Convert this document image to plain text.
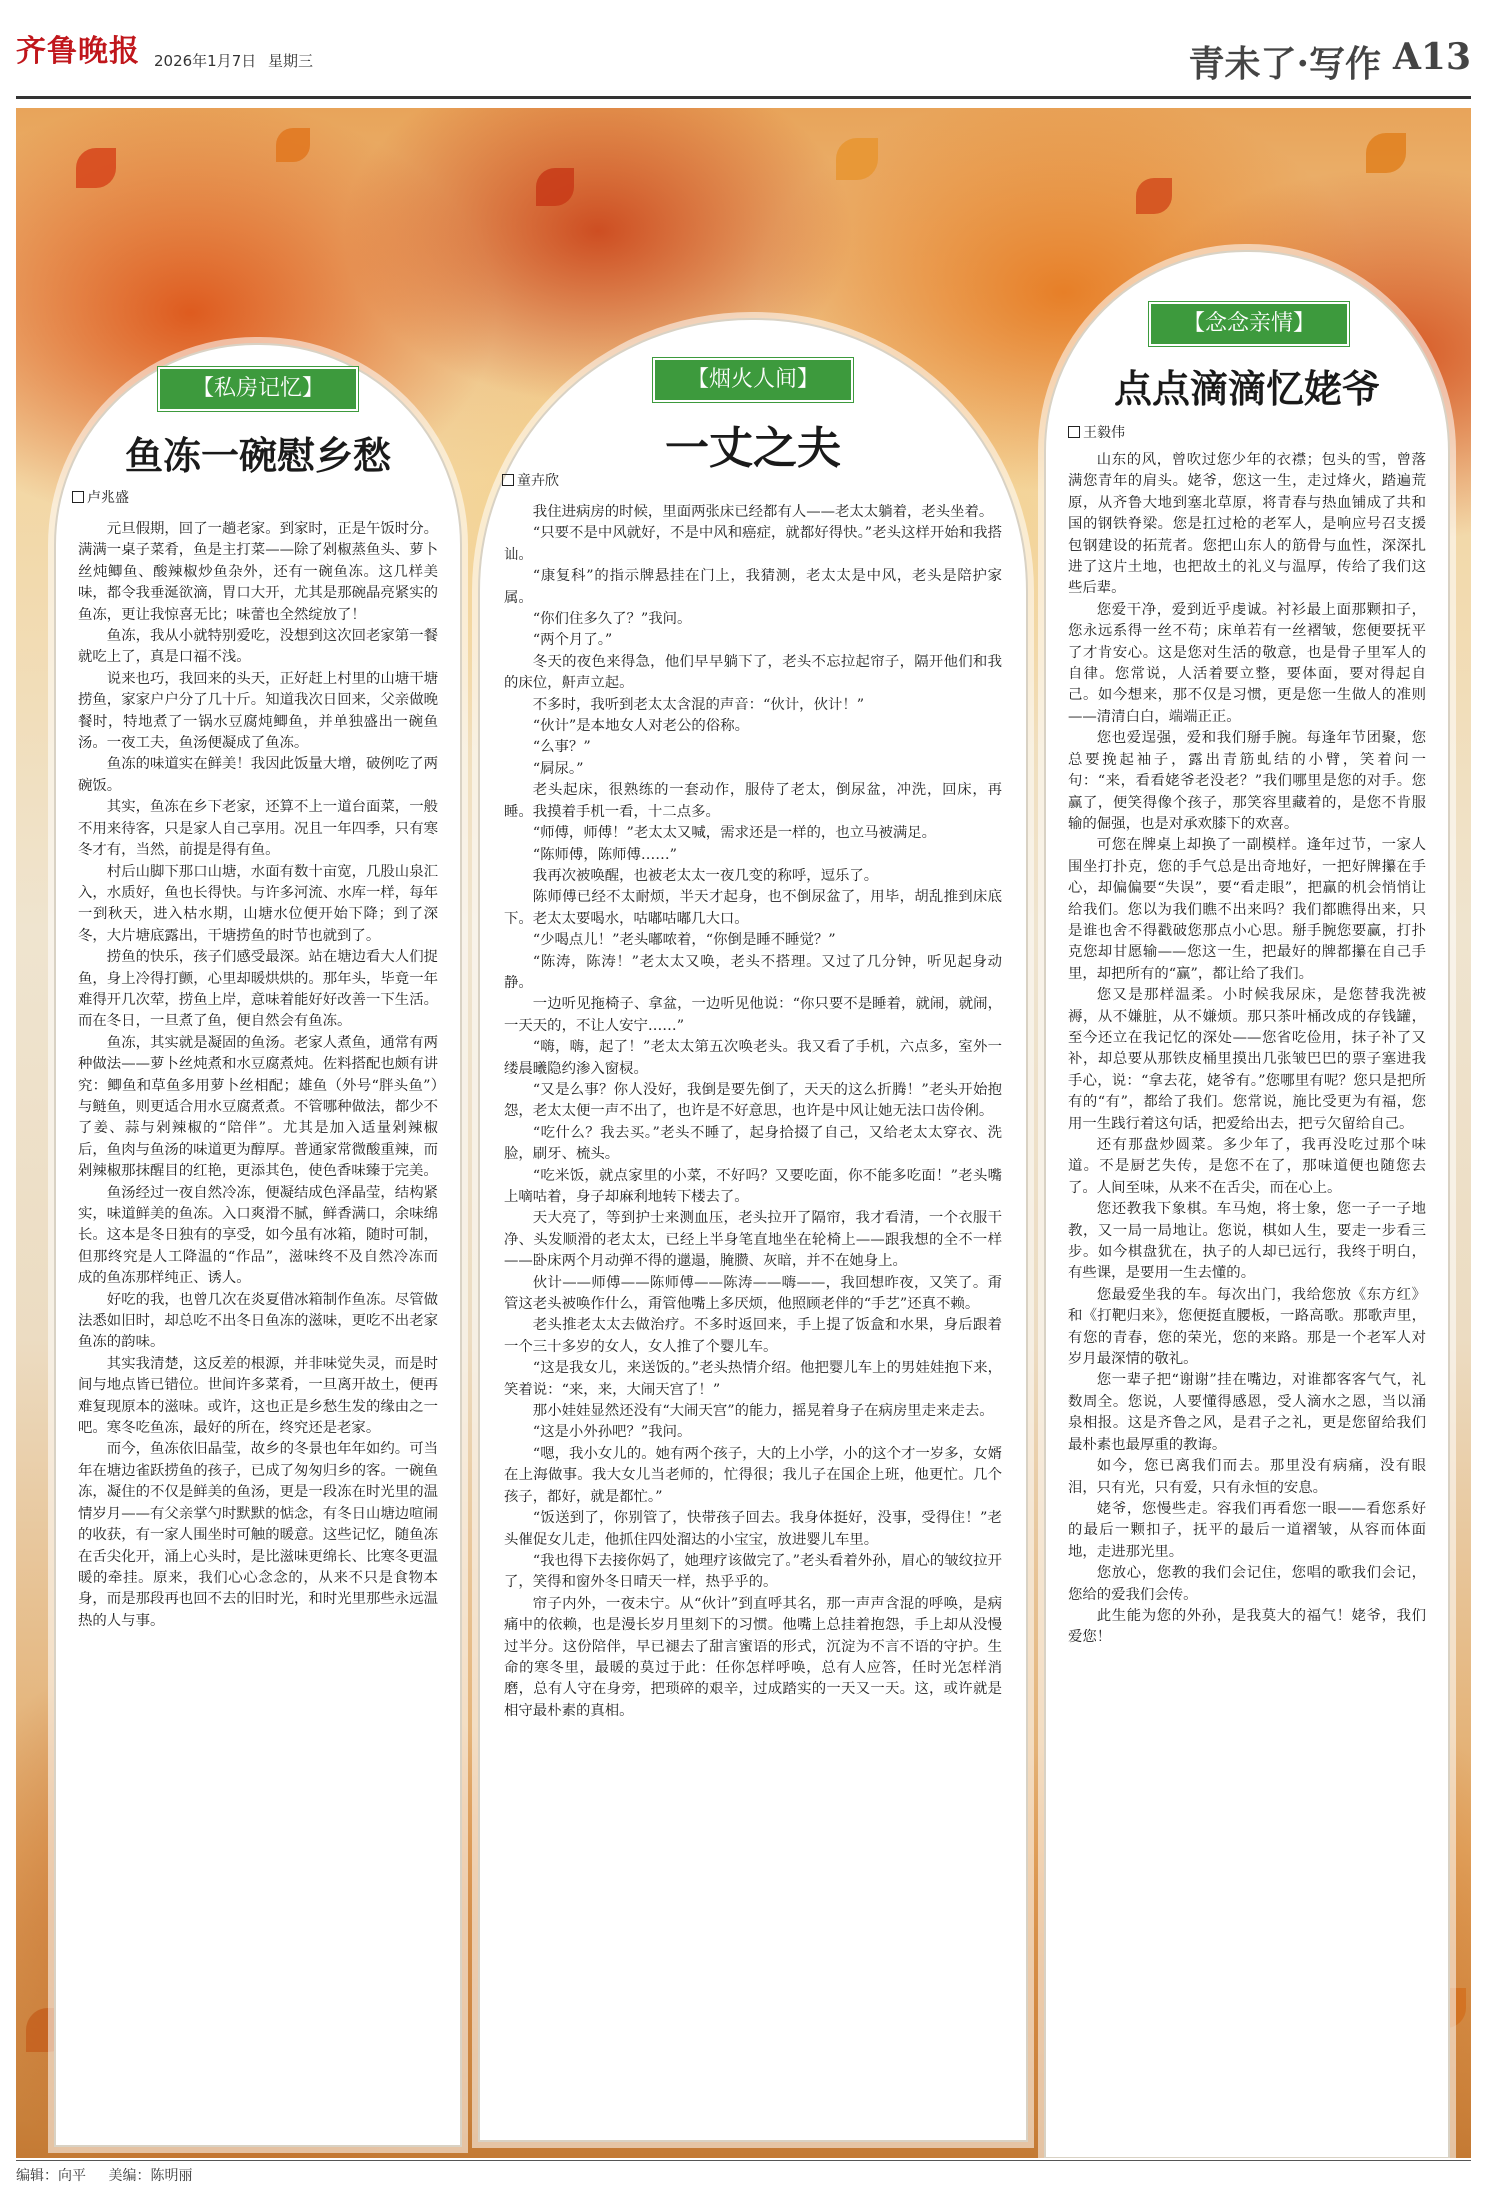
齐鲁晚报 2026年1月7日 星期三	青未了·写作 A13
【私房记忆】
鱼冻一碗慰乡愁
卢兆盛

元旦假期，回了一趟老家。到家时，正是午饭时分。满满一桌子菜肴，鱼是主打菜——除了剁椒蒸鱼头、萝卜丝炖鲫鱼、酸辣椒炒鱼杂外，还有一碗鱼冻。这几样美味，都令我垂涎欲滴，胃口大开，尤其是那碗晶亮紧实的鱼冻，更让我惊喜无比；味蕾也全然绽放了！

鱼冻，我从小就特别爱吃，没想到这次回老家第一餐就吃上了，真是口福不浅。

说来也巧，我回来的头天，正好赶上村里的山塘干塘捞鱼，家家户户分了几十斤。知道我次日回来，父亲做晚餐时，特地煮了一锅水豆腐炖鲫鱼，并单独盛出一碗鱼汤。一夜工夫，鱼汤便凝成了鱼冻。

鱼冻的味道实在鲜美！我因此饭量大增，破例吃了两碗饭。

其实，鱼冻在乡下老家，还算不上一道台面菜，一般不用来待客，只是家人自己享用。况且一年四季，只有寒冬才有，当然，前提是得有鱼。

村后山脚下那口山塘，水面有数十亩宽，几股山泉汇入，水质好，鱼也长得快。与许多河流、水库一样，每年一到秋天，进入枯水期，山塘水位便开始下降；到了深冬，大片塘底露出，干塘捞鱼的时节也就到了。

捞鱼的快乐，孩子们感受最深。站在塘边看大人们捉鱼，身上冷得打颤，心里却暖烘烘的。那年头，毕竟一年难得开几次荤，捞鱼上岸，意味着能好好改善一下生活。而在冬日，一旦煮了鱼，便自然会有鱼冻。

鱼冻，其实就是凝固的鱼汤。老家人煮鱼，通常有两种做法——萝卜丝炖煮和水豆腐煮炖。佐料搭配也颇有讲究：鲫鱼和草鱼多用萝卜丝相配；雄鱼（外号“胖头鱼”）与鲢鱼，则更适合用水豆腐煮煮。不管哪种做法，都少不了姜、蒜与剁辣椒的“陪伴”。尤其是加入适量剁辣椒后，鱼肉与鱼汤的味道更为醇厚。普通家常微酸重辣，而剁辣椒那抹醒目的红艳，更添其色，使色香味臻于完美。

鱼汤经过一夜自然冷冻，便凝结成色泽晶莹，结构紧实，味道鲜美的鱼冻。入口爽滑不腻，鲜香满口，余味绵长。这本是冬日独有的享受，如今虽有冰箱，随时可制，但那终究是人工降温的“作品”，滋味终不及自然冷冻而成的鱼冻那样纯正、诱人。

好吃的我，也曾几次在炎夏借冰箱制作鱼冻。尽管做法悉如旧时，却总吃不出冬日鱼冻的滋味，更吃不出老家鱼冻的韵味。

其实我清楚，这反差的根源，并非味觉失灵，而是时间与地点皆已错位。世间许多菜肴，一旦离开故土，便再难复现原本的滋味。或许，这也正是乡愁生发的缘由之一吧。寒冬吃鱼冻，最好的所在，终究还是老家。

而今，鱼冻依旧晶莹，故乡的冬景也年年如约。可当年在塘边雀跃捞鱼的孩子，已成了匆匆归乡的客。一碗鱼冻，凝住的不仅是鲜美的鱼汤，更是一段冻在时光里的温情岁月——有父亲掌勺时默默的惦念，有冬日山塘边喧闹的收获，有一家人围坐时可触的暖意。这些记忆，随鱼冻在舌尖化开，涌上心头时，是比滋味更绵长、比寒冬更温暖的牵挂。原来，我们心心念念的，从来不只是食物本身，而是那段再也回不去的旧时光，和时光里那些永远温热的人与事。

【烟火人间】
一丈之夫
童卉欣

我住进病房的时候，里面两张床已经都有人——老太太躺着，老头坐着。

“只要不是中风就好，不是中风和癌症，就都好得快。”老头这样开始和我搭讪。

“康复科”的指示牌悬挂在门上，我猜测，老太太是中风，老头是陪护家属。

“你们住多久了？”我问。

“两个月了。”

冬天的夜色来得急，他们早早躺下了，老头不忘拉起帘子，隔开他们和我的床位，鼾声立起。

不多时，我听到老太太含混的声音：“伙计，伙计！”

“伙计”是本地女人对老公的俗称。

“么事？”

“屙尿。”

老头起床，很熟练的一套动作，服侍了老太，倒尿盆，冲洗，回床，再睡。我摸着手机一看，十二点多。

“师傅，师傅！”老太太又喊，需求还是一样的，也立马被满足。

“陈师傅，陈师傅……”

我再次被唤醒，也被老太太一夜几变的称呼，逗乐了。

陈师傅已经不太耐烦，半天才起身，也不倒尿盆了，用毕，胡乱推到床底下。老太太要喝水，咕嘟咕嘟几大口。

“少喝点儿！”老头嘟哝着，“你倒是睡不睡觉？”

“陈涛，陈涛！”老太太又唤，老头不搭理。又过了几分钟，听见起身动静。

一边听见拖椅子、拿盆，一边听见他说：“你只要不是睡着，就闹，就闹，一天天的，不让人安宁……”

“嗨，嗨，起了！”老太太第五次唤老头。我又看了手机，六点多，室外一缕晨曦隐约渗入窗棂。

“又是么事？你人没好，我倒是要先倒了，天天的这么折腾！”老头开始抱怨，老太太便一声不出了，也许是不好意思，也许是中风让她无法口齿伶俐。

“吃什么？我去买。”老头不睡了，起身拾掇了自己，又给老太太穿衣、洗脸，刷牙、梳头。

“吃米饭，就点家里的小菜，不好吗？又要吃面，你不能多吃面！”老头嘴上嘀咕着，身子却麻利地转下楼去了。

天大亮了，等到护士来测血压，老头拉开了隔帘，我才看清，一个衣服干净、头发顺滑的老太太，已经上半身笔直地坐在轮椅上——跟我想的全不一样——卧床两个月动弹不得的邋遢，腌臜、灰暗，并不在她身上。

伙计——师傅——陈师傅——陈涛——嗨——，我回想昨夜，又笑了。甭管这老头被唤作什么，甭管他嘴上多厌烦，他照顾老伴的“手艺”还真不赖。

老头推老太太去做治疗。不多时返回来，手上提了饭盒和水果，身后跟着一个三十多岁的女人，女人推了个婴儿车。

“这是我女儿，来送饭的。”老头热情介绍。他把婴儿车上的男娃娃抱下来，笑着说：“来，来，大闹天宫了！”

那小娃娃显然还没有“大闹天宫”的能力，摇晃着身子在病房里走来走去。

“这是小外孙吧？”我问。

“嗯，我小女儿的。她有两个孩子，大的上小学，小的这个才一岁多，女婿在上海做事。我大女儿当老师的，忙得很；我儿子在国企上班，他更忙。几个孩子，都好，就是都忙。”

“饭送到了，你别管了，快带孩子回去。我身体挺好，没事，受得住！”老头催促女儿走，他抓住四处溜达的小宝宝，放进婴儿车里。

“我也得下去接你妈了，她理疗该做完了。”老头看着外孙，眉心的皱纹拉开了，笑得和窗外冬日晴天一样，热乎乎的。

帘子内外，一夜未宁。从“伙计”到直呼其名，那一声声含混的呼唤，是病痛中的依赖，也是漫长岁月里刻下的习惯。他嘴上总挂着抱怨，手上却从没慢过半分。这份陪伴，早已褪去了甜言蜜语的形式，沉淀为不言不语的守护。生命的寒冬里，最暖的莫过于此：任你怎样呼唤，总有人应答，任时光怎样消磨，总有人守在身旁，把琐碎的艰辛，过成踏实的一天又一天。这，或许就是相守最朴素的真相。

【念念亲情】
点点滴滴忆姥爷
王毅伟

山东的风，曾吹过您少年的衣襟；包头的雪，曾落满您青年的肩头。姥爷，您这一生，走过烽火，踏遍荒原，从齐鲁大地到塞北草原，将青春与热血铺成了共和国的钢铁脊梁。您是扛过枪的老军人，是响应号召支援包钢建设的拓荒者。您把山东人的筋骨与血性，深深扎进了这片土地，也把故土的礼义与温厚，传给了我们这些后辈。

您爱干净，爱到近乎虔诚。衬衫最上面那颗扣子，您永远系得一丝不苟；床单若有一丝褶皱，您便要抚平了才肯安心。这是您对生活的敬意，也是骨子里军人的自律。您常说，人活着要立整，要体面，要对得起自己。如今想来，那不仅是习惯，更是您一生做人的准则——清清白白，端端正正。

您也爱逞强，爱和我们掰手腕。每逢年节团聚，您总要挽起袖子，露出青筋虬结的小臂，笑着问一句：“来，看看姥爷老没老？”我们哪里是您的对手。您赢了，便笑得像个孩子，那笑容里藏着的，是您不肯服输的倔强，也是对承欢膝下的欢喜。

可您在牌桌上却换了一副模样。逢年过节，一家人围坐打扑克，您的手气总是出奇地好，一把好牌攥在手心，却偏偏要“失误”，要“看走眼”，把赢的机会悄悄让给我们。您以为我们瞧不出来吗？我们都瞧得出来，只是谁也舍不得戳破您那点小心思。掰手腕您要赢，打扑克您却甘愿输——您这一生，把最好的牌都攥在自己手里，却把所有的“赢”，都让给了我们。

您又是那样温柔。小时候我尿床，是您替我洗被褥，从不嫌脏，从不嫌烦。那只茶叶桶改成的存钱罐，至今还立在我记忆的深处——您省吃俭用，抹子补了又补，却总要从那铁皮桶里摸出几张皱巴巴的票子塞进我手心，说：“拿去花，姥爷有。”您哪里有呢？您只是把所有的“有”，都给了我们。您常说，施比受更为有福，您用一生践行着这句话，把爱给出去，把亏欠留给自己。

还有那盘炒圆菜。多少年了，我再没吃过那个味道。不是厨艺失传，是您不在了，那味道便也随您去了。人间至味，从来不在舌尖，而在心上。

您还教我下象棋。车马炮，将士象，您一子一子地教，又一局一局地让。您说，棋如人生，要走一步看三步。如今棋盘犹在，执子的人却已远行，我终于明白，有些课，是要用一生去懂的。

您最爱坐我的车。每次出门，我给您放《东方红》和《打靶归来》，您便挺直腰板，一路高歌。那歌声里，有您的青春，您的荣光，您的来路。那是一个老军人对岁月最深情的敬礼。

您一辈子把“谢谢”挂在嘴边，对谁都客客气气，礼数周全。您说，人要懂得感恩，受人滴水之恩，当以涌泉相报。这是齐鲁之风，是君子之礼，更是您留给我们最朴素也最厚重的教诲。

如今，您已离我们而去。那里没有病痛，没有眼泪，只有光，只有爱，只有永恒的安息。

姥爷，您慢些走。容我们再看您一眼——看您系好的最后一颗扣子，抚平的最后一道褶皱，从容而体面地，走进那光里。

您放心，您教的我们会记住，您唱的歌我们会记，您给的爱我们会传。

此生能为您的外孙，是我莫大的福气！姥爷，我们爱您！

编辑：向平 美编：陈明丽
